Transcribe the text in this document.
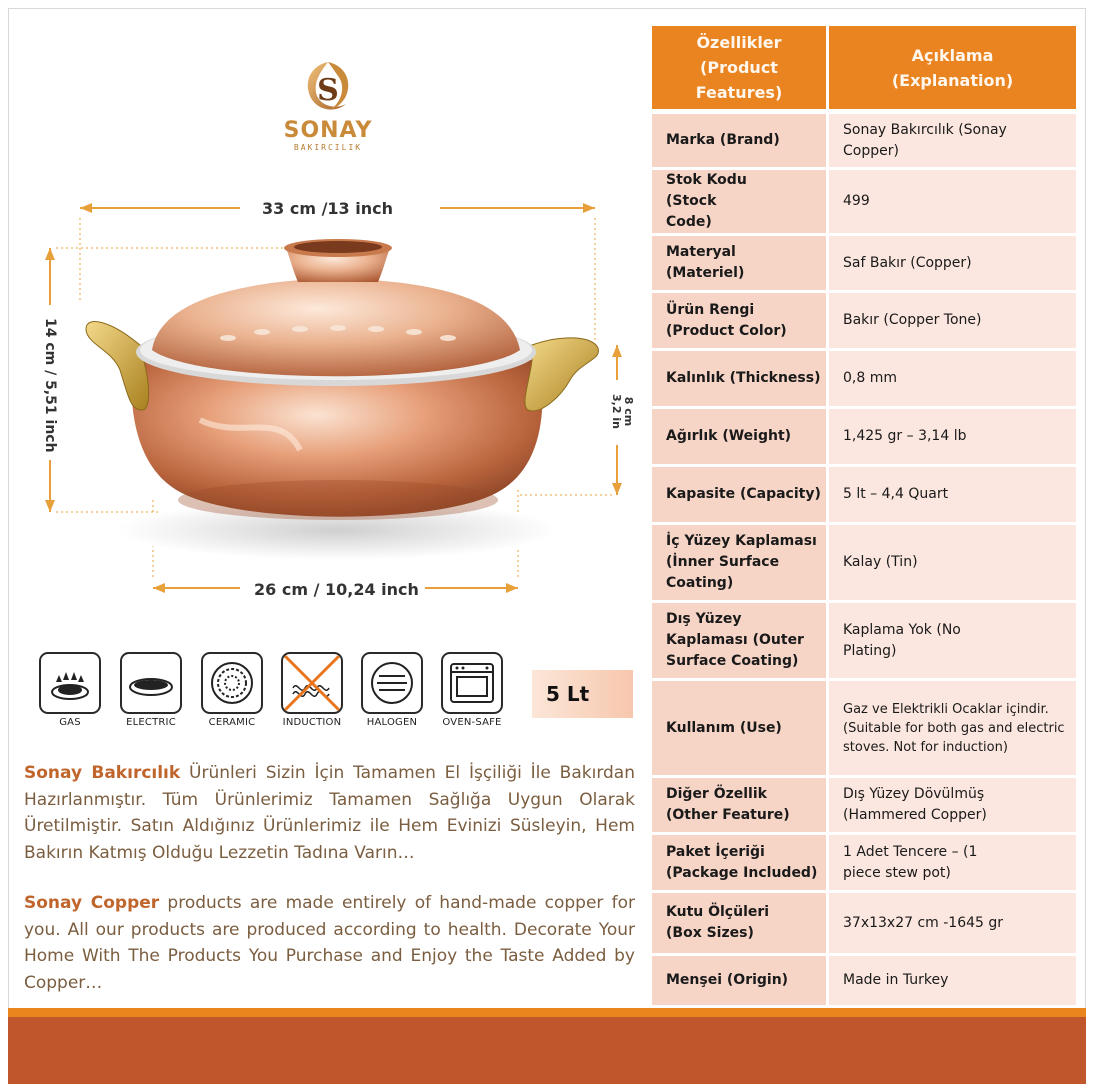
S
SONAY
BAKIRCILIK
33 cm /13 inch
26 cm / 10,24 inch
14 cm / 5,51 inch	8 cm
3,2 in
GAS	ELECTRIC	CERAMIC	INDUCTION	HALOGEN	OVEN-SAFE
5 Lt

Sonay Bakırcılık Ürünleri Sizin İçin Tamamen El İşçiliği İle Bakırdan Hazırlanmıştır. Tüm Ürünlerimiz Tamamen Sağlığa Uygun Olarak Üretilmiştir. Satın Aldığınız Ürünlerimiz ile Hem Evinizi Süsleyin, Hem Bakırın Katmış Olduğu Lezzetin Tadına Varın…

Sonay Copper products are made entirely of hand-made copper for you. All our products are produced according to health. Decorate Your Home With The Products You Purchase and Enjoy the Taste Added by Copper…

Özellikler (Product Features)	Açıklama (Explanation)
Marka (Brand)	Sonay Bakırcılık (Sonay Copper)
Stok Kodu (Stock Code)	499
Materyal (Materiel)	Saf Bakır (Copper)
Ürün Rengi (Product Color)	Bakır (Copper Tone)
Kalınlık (Thickness)	0,8 mm
Ağırlık (Weight)	1,425 gr – 3,14 lb
Kapasite (Capacity)	5 lt – 4,4 Quart
İç Yüzey Kaplaması (İnner Surface Coating)	Kalay (Tin)
Dış Yüzey Kaplaması (Outer Surface Coating)	Kaplama Yok (No Plating)
Kullanım (Use)	Gaz ve Elektrikli Ocaklar içindir. (Suitable for both gas and electric stoves. Not for induction)
Diğer Özellik (Other Feature)	Dış Yüzey Dövülmüş (Hammered Copper)
Paket İçeriği (Package Included)	1 Adet Tencere – (1 piece stew pot)
Kutu Ölçüleri (Box Sizes)	37x13x27 cm -1645 gr
Menşei (Origin)	Made in Turkey
